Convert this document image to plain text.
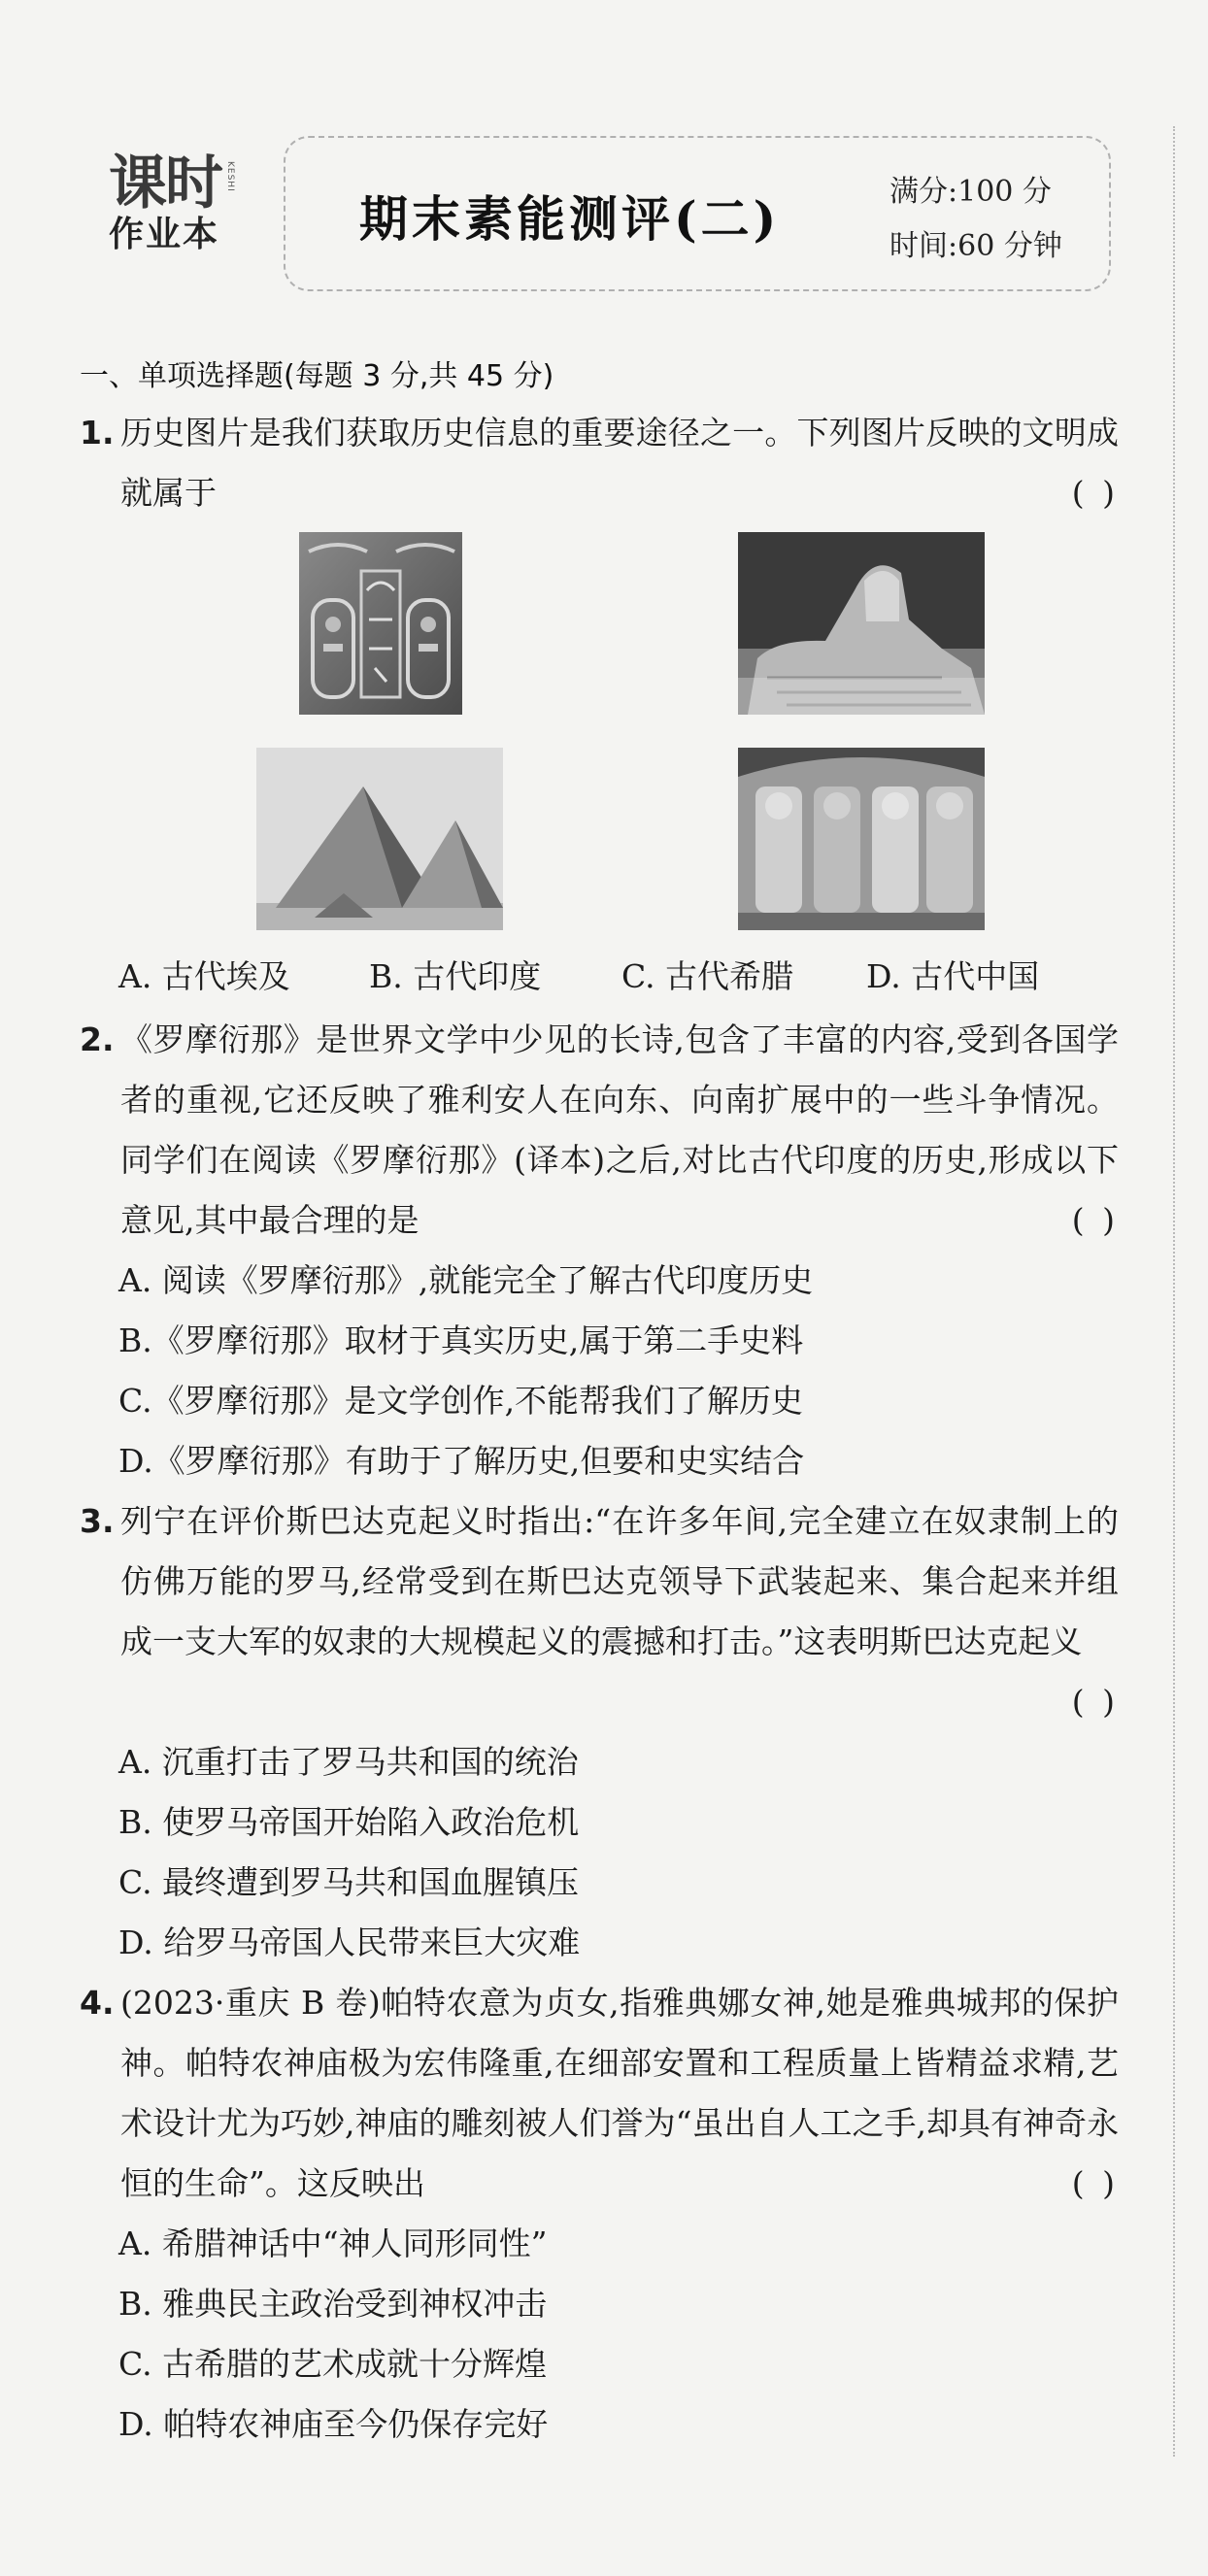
课时 KESHI
作业本	期末素能测评(二)	满分:100 分
时间:60 分钟
一、单项选择题(每题 3 分,共 45 分)
1. 历史图片是我们获取历史信息的重要途径之一。下列图片反映的文明成就属于	( )
A. 古代埃及 B. 古代印度	C. 古代希腊 D. 古代中国
2. 《罗摩衍那》是世界文学中少见的长诗,包含了丰富的内容,受到各国学者的重视,它还反映了雅利安人在向东、向南扩展中的一些斗争情况。同学们在阅读《罗摩衍那》(译本)之后,对比古代印度的历史,形成以下意见,其中最合理的是	( )
A. 阅读《罗摩衍那》,就能完全了解古代印度历史
B.《罗摩衍那》取材于真实历史,属于第二手史料
C.《罗摩衍那》是文学创作,不能帮我们了解历史
D.《罗摩衍那》有助于了解历史,但要和史实结合
3. 列宁在评价斯巴达克起义时指出:“在许多年间,完全建立在奴隶制上的仿佛万能的罗马,经常受到在斯巴达克领导下武装起来、集合起来并组成一支大军的奴隶的大规模起义的震撼和打击。”这表明斯巴达克起义
( )
A. 沉重打击了罗马共和国的统治
B. 使罗马帝国开始陷入政治危机
C. 最终遭到罗马共和国血腥镇压
D. 给罗马帝国人民带来巨大灾难
4. (2023·重庆 B 卷)帕特农意为贞女,指雅典娜女神,她是雅典城邦的保护神。帕特农神庙极为宏伟隆重,在细部安置和工程质量上皆精益求精,艺术设计尤为巧妙,神庙的雕刻被人们誉为“虽出自人工之手,却具有神奇永恒的生命”。这反映出	( )
A. 希腊神话中“神人同形同性”
B. 雅典民主政治受到神权冲击
C. 古希腊的艺术成就十分辉煌
D. 帕特农神庙至今仍保存完好
